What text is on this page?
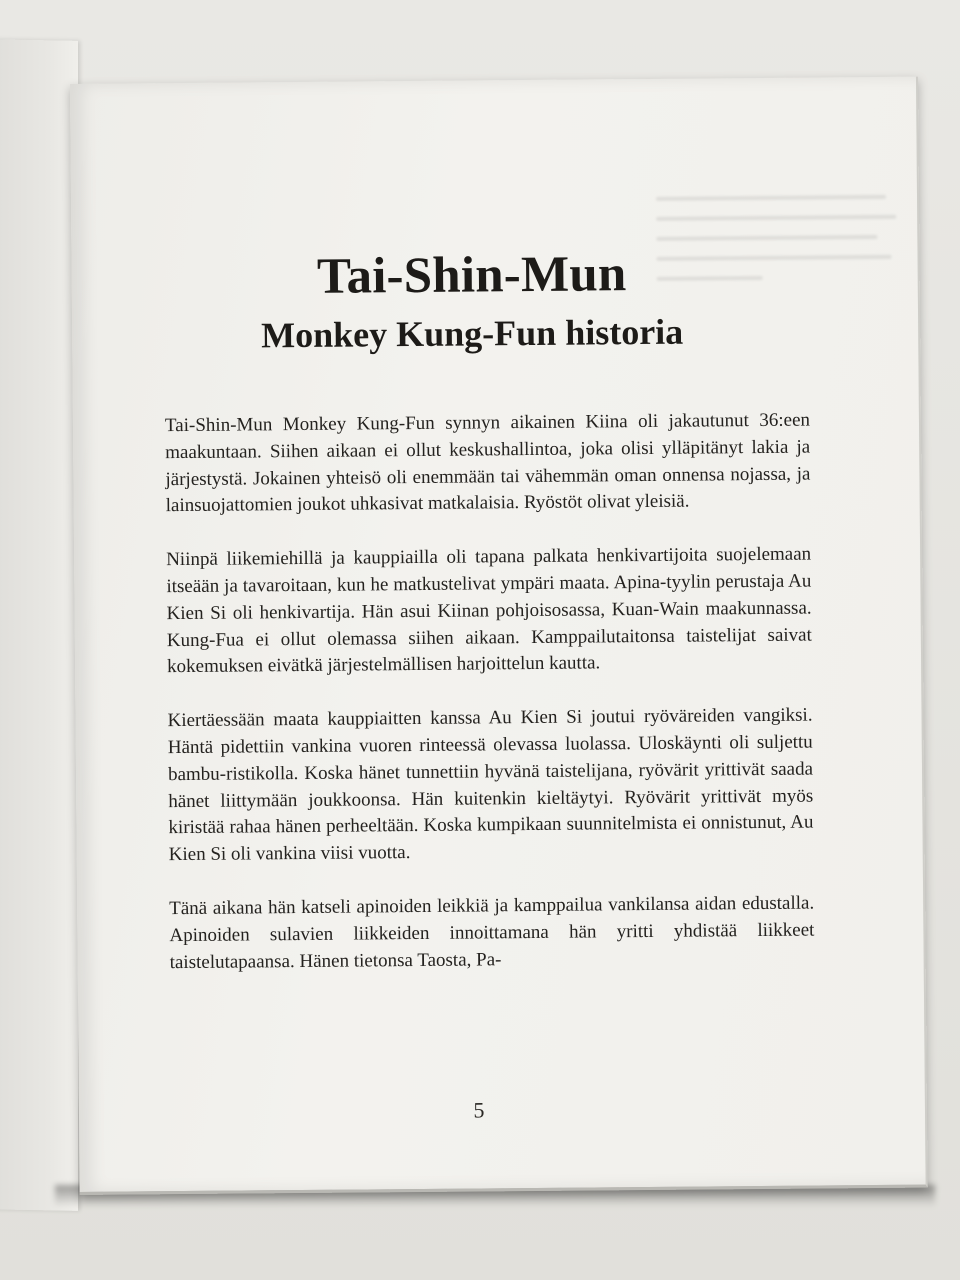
Tai-Shin-Mun
Monkey Kung-Fun historia

Tai-Shin-Mun Monkey Kung-Fun synnyn aikainen Kiina oli jakautunut 36:een maakuntaan. Siihen aikaan ei ollut keskushallintoa, joka olisi ylläpitänyt lakia ja järjestystä. Jokainen yhteisö oli enemmään tai vähemmän oman onnensa nojassa, ja lainsuojattomien joukot uhkasivat matkalaisia. Ryöstöt olivat yleisiä.

Niinpä liikemiehillä ja kauppiailla oli tapana palkata henkivartijoita suojelemaan itseään ja tavaroitaan, kun he matkustelivat ympäri maata. Apina-tyylin perustaja Au Kien Si oli henkivartija. Hän asui Kiinan pohjoisosassa, Kuan-Wain maakunnassa. Kung-Fua ei ollut olemassa siihen aikaan. Kamppailutaitonsa taistelijat saivat kokemuksen eivätkä järjestelmällisen harjoittelun kautta.

Kiertäessään maata kauppiaitten kanssa Au Kien Si joutui ryöväreiden vangiksi. Häntä pidettiin vankina vuoren rinteessä olevassa luolassa. Uloskäynti oli suljettu bambu-ristikolla. Koska hänet tunnettiin hyvänä taistelijana, ryövärit yrittivät saada hänet liittymään joukkoonsa. Hän kuitenkin kieltäytyi. Ryövärit yrittivät myös kiristää rahaa hänen perheeltään. Koska kumpikaan suunnitelmista ei onnistunut, Au Kien Si oli vankina viisi vuotta.

Tänä aikana hän katseli apinoiden leikkiä ja kamppailua vankilansa aidan edustalla. Apinoiden sulavien liikkeiden innoittamana hän yritti yhdistää liikkeet taistelutapaansa. Hänen tietonsa Taosta, Pa-

5
